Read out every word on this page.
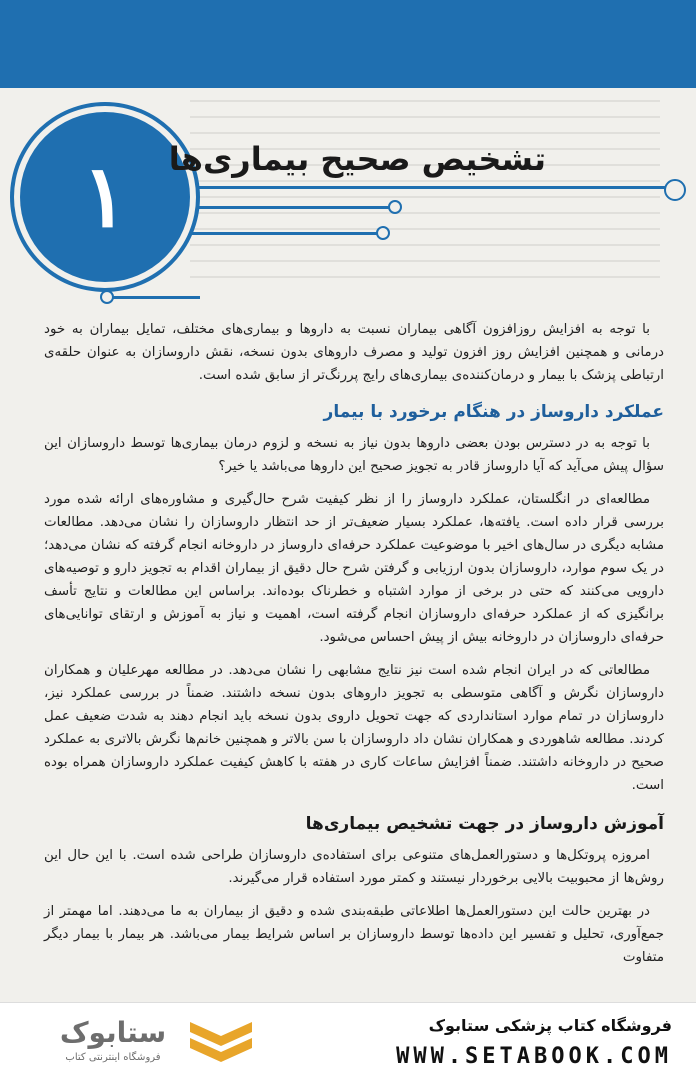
۱ تشخیص صحیح بیماری‌ها

با توجه به افزایش روزافزون آگاهی بیماران نسبت به داروها و بیماری‌های مختلف، تمایل بیماران به خود درمانی و همچنین افزایش روز افزون تولید و مصرف داروهای بدون نسخه، نقش داروسازان به عنوان حلقه‌ی ارتباطی پزشک با بیمار و درمان‌کننده‌ی بیماری‌های رایج پررنگ‌تر از سابق شده است.

عملکرد داروساز در هنگام برخورد با بیمار

با توجه به در دسترس بودن بعضی داروها بدون نیاز به نسخه و لزوم درمان بیماری‌ها توسط داروسازان این سؤال پیش می‌آید که آیا داروساز قادر به تجویز صحیح این داروها می‌باشد یا خیر؟

مطالعه‌ای در انگلستان، عملکرد داروساز را از نظر کیفیت شرح حال‌گیری و مشاوره‌های ارائه شده مورد بررسی قرار داده است. یافته‌ها، عملکرد بسیار ضعیف‌تر از حد انتظار داروسازان را نشان می‌دهد. مطالعات مشابه دیگری در سال‌های اخیر با موضوعیت عملکرد حرفه‌ای داروساز در داروخانه انجام گرفته که نشان می‌دهد؛ در یک سوم موارد، داروسازان بدون ارزیابی و گرفتن شرح حال دقیق از بیماران اقدام به تجویز دارو و توصیه‌های دارویی می‌کنند که حتی در برخی از موارد اشتباه و خطرناک بوده‌اند. براساس این مطالعات و نتایج تأسف برانگیزی که از عملکرد حرفه‌ای داروسازان انجام گرفته است، اهمیت و نیاز به آموزش و ارتقای توانایی‌های حرفه‌ای داروسازان در داروخانه بیش از پیش احساس می‌شود.

مطالعاتی که در ایران انجام شده است نیز نتایج مشابهی را نشان می‌دهد. در مطالعه مهرعلیان و همکاران داروسازان نگرش و آگاهی متوسطی به تجویز داروهای بدون نسخه داشتند. ضمناً در بررسی عملکرد نیز، داروسازان در تمام موارد استانداردی که جهت تحویل داروی بدون نسخه باید انجام دهند به شدت ضعیف عمل کردند. مطالعه شاهوردی و همکاران نشان داد داروسازان با سن بالاتر و همچنین خانم‌ها نگرش بالاتری به عملکرد صحیح در داروخانه داشتند. ضمناً افزایش ساعات کاری در هفته با کاهش کیفیت عملکرد داروسازان همراه بوده است.

آموزش داروساز در جهت تشخیص بیماری‌ها

امروزه پروتکل‌ها و دستورالعمل‌های متنوعی برای استفاده‌ی داروسازان طراحی شده است. با این حال این روش‌ها از محبوبیت بالایی برخوردار نیستند و کمتر مورد استفاده قرار می‌گیرند.

در بهترین حالت این دستورالعمل‌ها اطلاعاتی طبقه‌بندی شده و دقیق از بیماران به ما می‌دهند. اما مهمتر از جمع‌آوری، تحلیل و تفسیر این داده‌ها توسط داروسازان بر اساس شرایط بیمار می‌باشد. هر بیمار با بیمار دیگر متفاوت

ستابوک
فروشگاه اینترنتی کتاب
فروشگاه کتاب پزشکی ستابوک
WWW.SETABOOK.COM
